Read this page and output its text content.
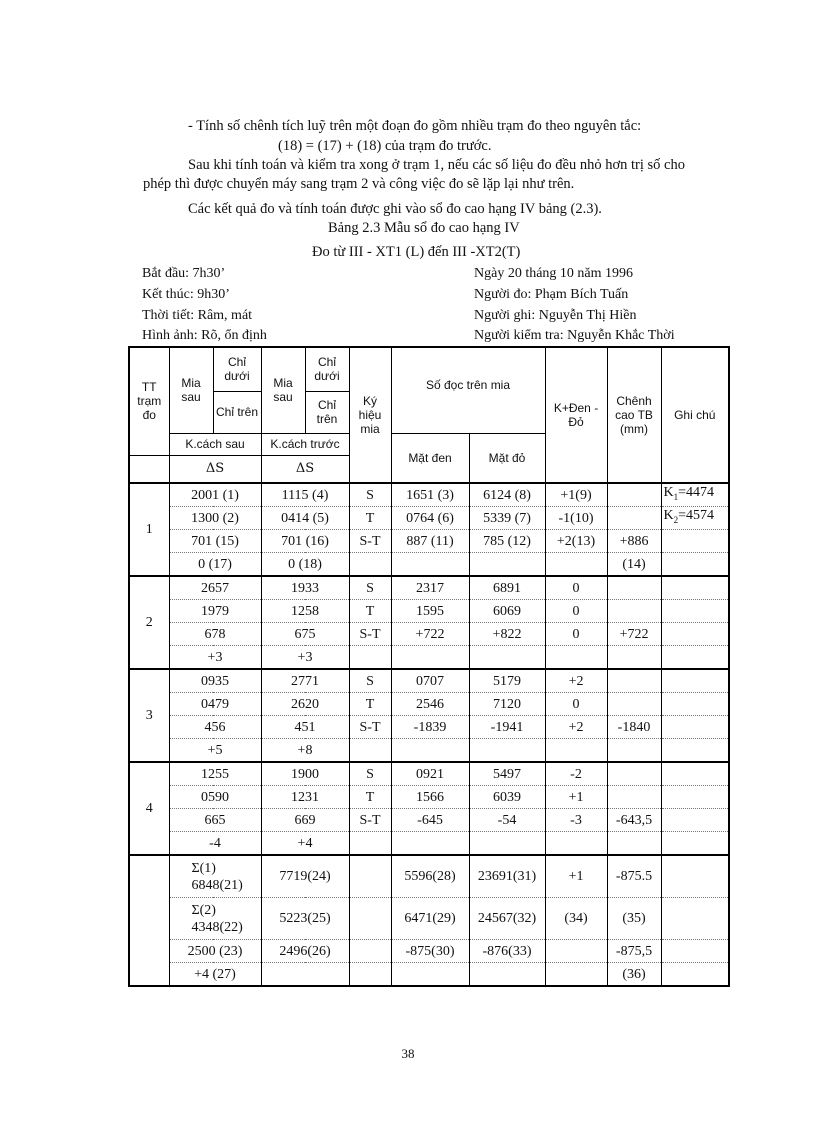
- Tính số chênh tích luỹ trên một đoạn đo gồm nhiều trạm đo theo nguyên tắc:
(18) = (17) + (18) của trạm đo trước.
Sau khi tính toán và kiểm tra xong ở trạm 1, nếu các số liệu đo đều nhỏ hơn trị số cho
phép thì được chuyển máy sang trạm 2 và công việc đo sẽ lặp lại như trên.
Các kết quả đo và tính toán được ghi vào sổ đo cao hạng IV bảng (2.3).
Bảng 2.3 Mẫu sổ đo cao hạng IV
Đo từ III - XT1 (L) đến III -XT2(T)
Bắt đầu: 7h30’
Kết thúc: 9h30’
Thời tiết: Râm, mát
Hình ảnh: Rõ, ổn định
Ngày 20 tháng 10 năm 1996
Người đo: Phạm Bích Tuấn
Người ghi: Nguyễn Thị Hiền
Người kiểm tra: Nguyễn Khắc Thời
TT trạm đo	Mia sau	Chỉ dưới	Mia sau	Chỉ dưới	Ký hiệu mia	Số đọc trên mia		K+Đen - Đỏ	Chênh cao TB (mm)	Ghi chú
		Chỉ trên		Chỉ trên						
	K.cách sau		K.cách trước			Mặt đen	Mặt đỏ			
	ΔS		ΔS							
1	2001 (1)		1115 (4)		S	1651 (3)	6124 (8)	+1(9)		$K_1=4474$
	1300 (2)		0414 (5)		T	0764 (6)	5339 (7)	-1(10)		$K_2=4574$
	701 (15)		701 (16)		S-T	887 (11)	785 (12)	+2(13)	+886	
	0 (17)		0 (18)						(14)	
2	2657		1933		S	2317	6891	0		
	1979		1258		T	1595	6069	0		
	678		675		S-T	+722	+822	0	+722	
	+3		+3							
3	0935		2771		S	0707	5179	+2		
	0479		2620		T	2546	7120	0		
	456		451		S-T	-1839	-1941	+2	-1840	
	+5		+8							
4	1255		1900		S	0921	5497	-2		
	0590		1231		T	1566	6039	+1		
	665		669		S-T	-645	-54	-3	-643,5	
	-4		+4							
	Σ(1) 6848(21)		7719(24)			5596(28)	23691(31)	+1	-875.5	
	Σ(2) 4348(22)		5223(25)			6471(29)	24567(32)	(34)	(35)	
	2500 (23)		2496(26)			-875(30)	-876(33)		-875,5	
	+4 (27)								(36)	
38
